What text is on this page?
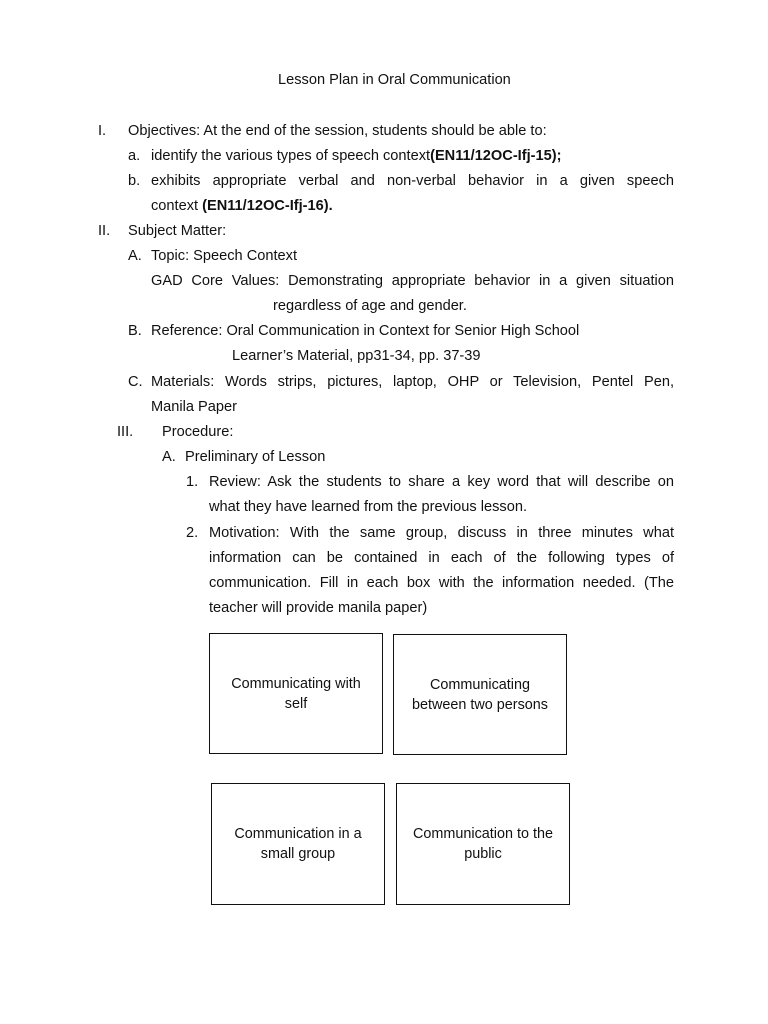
Lesson Plan in Oral Communication
I. Objectives: At the end of the session, students should be able to:
a. identify the various types of speech context(EN11/12OC-Ifj-15);
b. exhibits appropriate verbal and non-verbal behavior in a given speech
context (EN11/12OC-Ifj-16).
II. Subject Matter:
A. Topic: Speech Context
GAD Core Values: Demonstrating appropriate behavior in a given situation
regardless of age and gender.
B. Reference: Oral Communication in Context for Senior High School
Learner’s Material, pp31-34, pp. 37-39
C. Materials: Words strips, pictures, laptop, OHP or Television, Pentel Pen,
Manila Paper
III. Procedure:
A. Preliminary of Lesson
1. Review: Ask the students to share a key word that will describe on
what they have learned from the previous lesson.
2. Motivation: With the same group, discuss in three minutes what
information can be contained in each of the following types of
communication. Fill in each box with the information needed. (The
teacher will provide manila paper)
Communicating with self
Communicating between two persons
Communication in a small group
Communication to the public
